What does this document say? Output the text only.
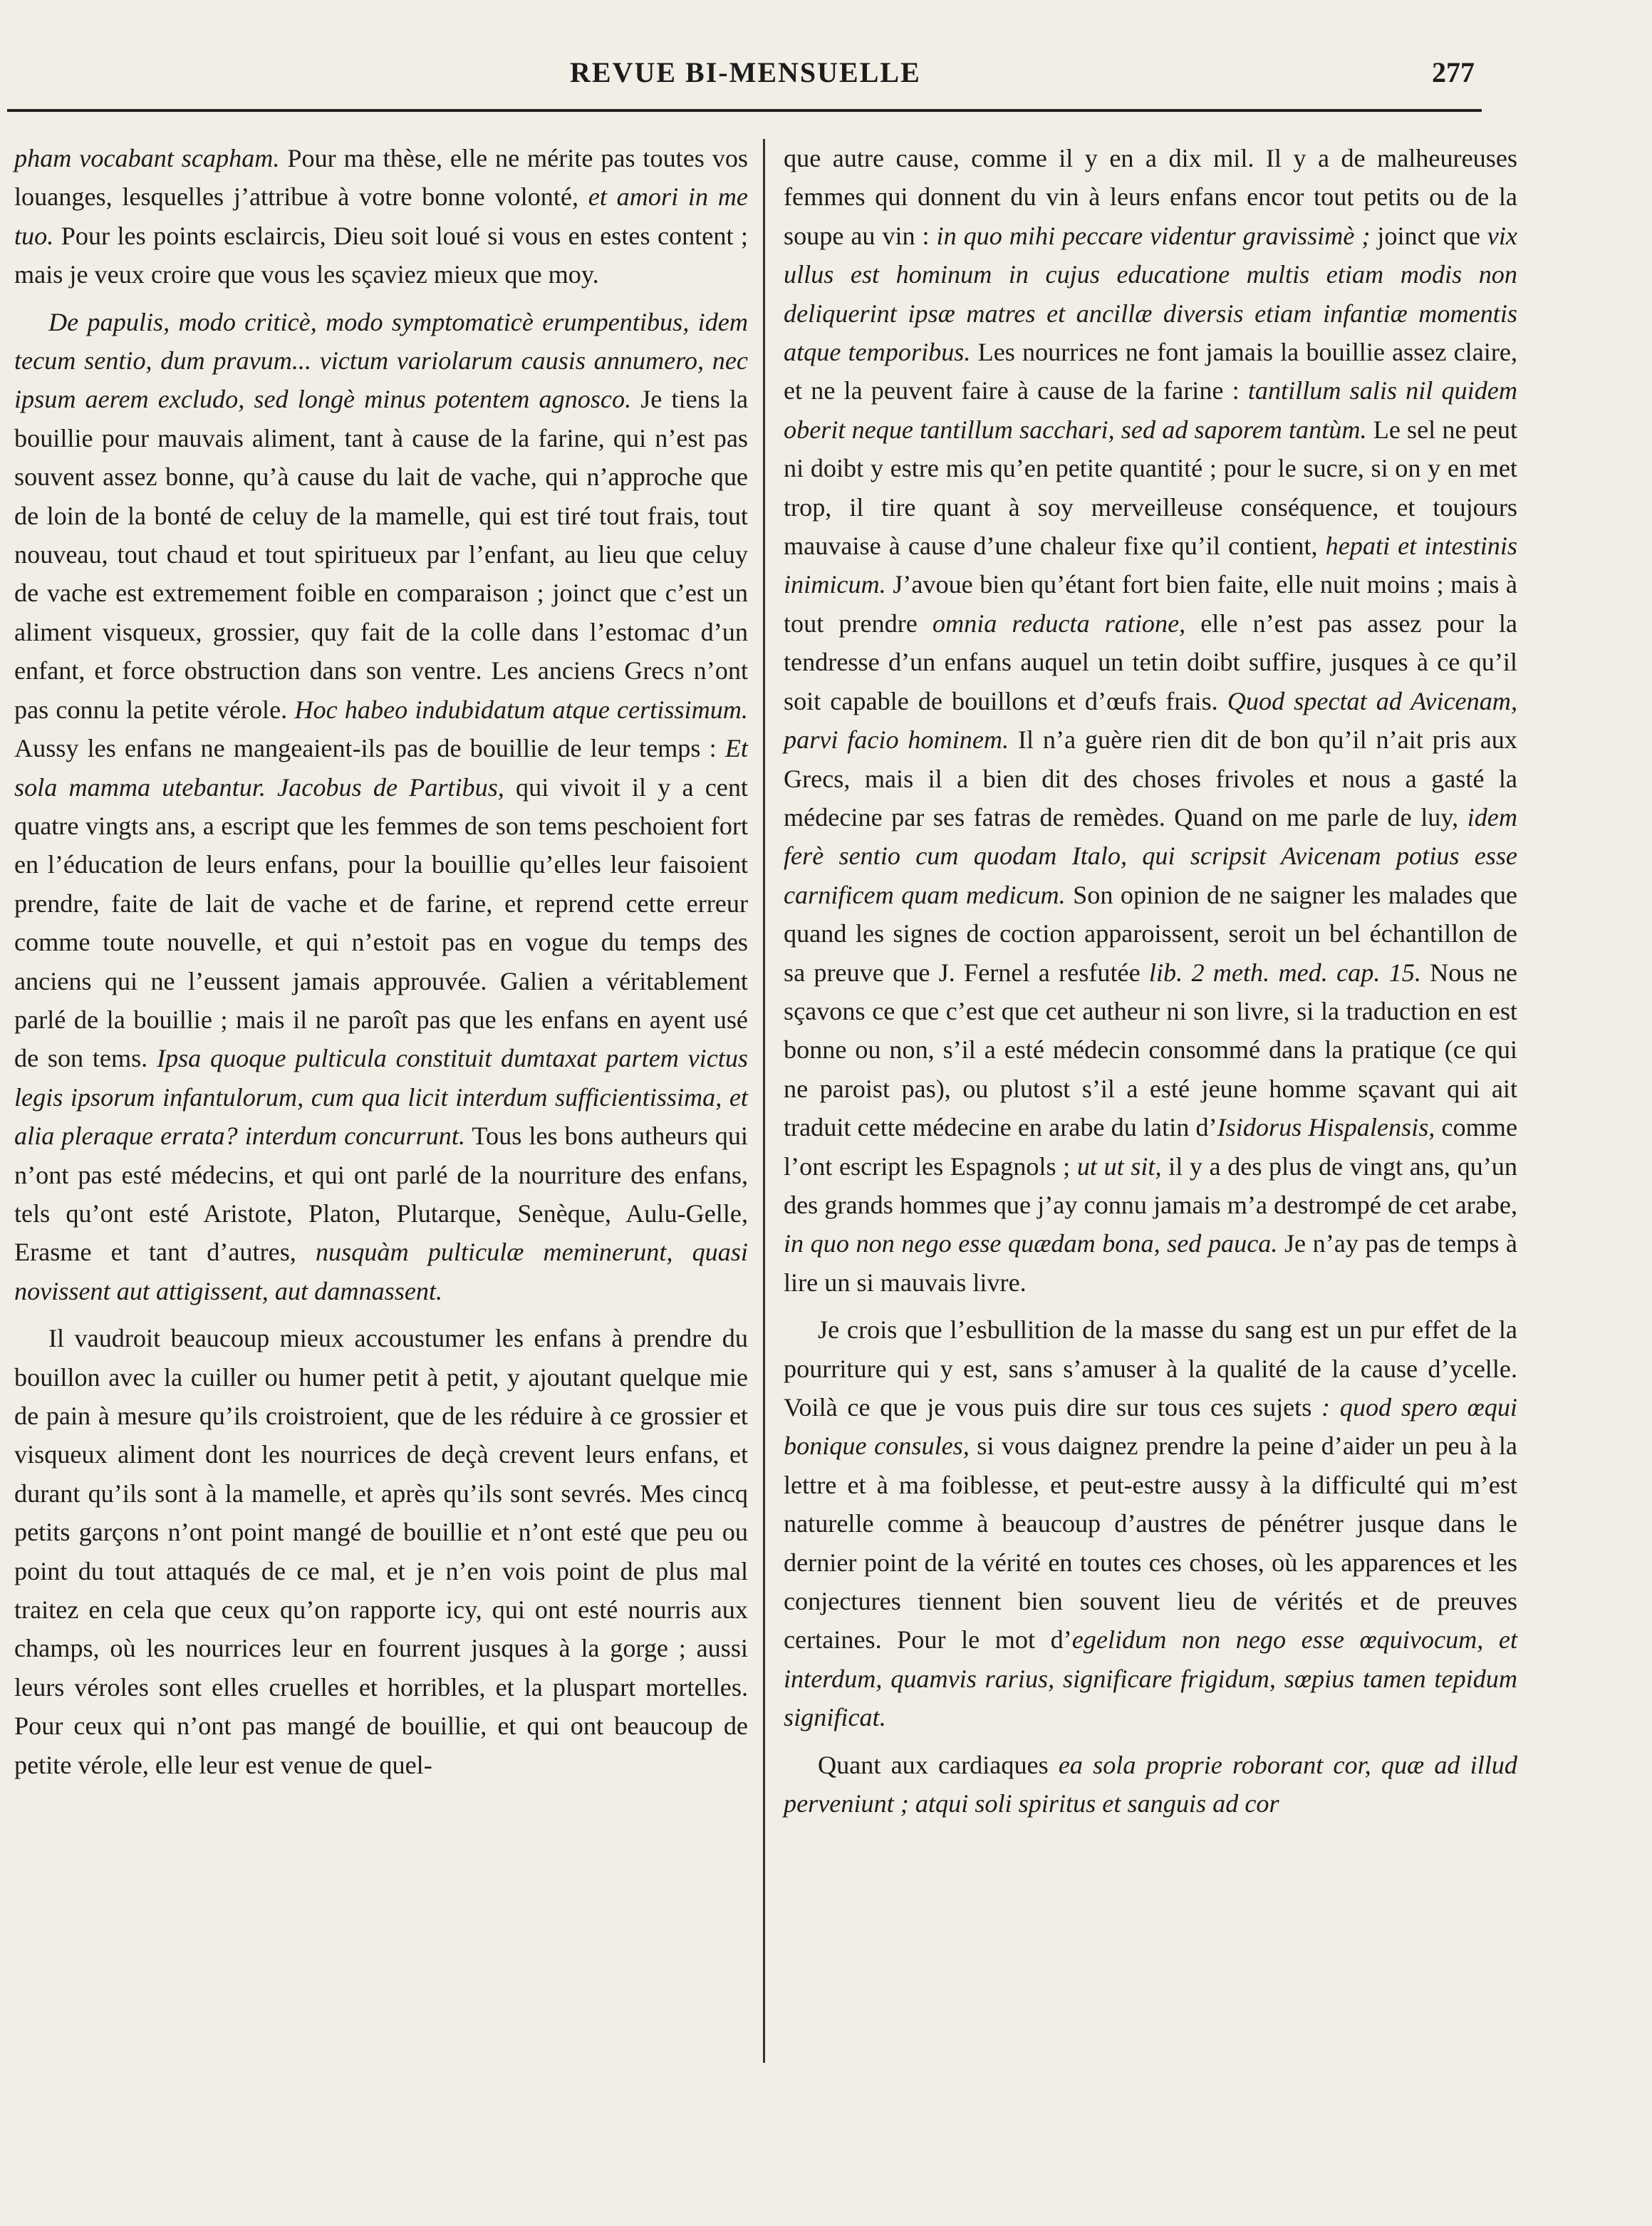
REVUE BI-MENSUELLE	277

pham vocabant scapham. Pour ma thèse, elle ne mérite pas toutes vos louanges, lesquelles j’attribue à votre bonne volonté, et amori in me tuo. Pour les points esclaircis, Dieu soit loué si vous en estes content ; mais je veux croire que vous les sçaviez mieux que moy.

De papulis, modo criticè, modo symptomaticè erumpentibus, idem tecum sentio, dum pravum... victum variolarum causis annumero, nec ipsum aerem excludo, sed longè minus potentem agnosco. Je tiens la bouillie pour mauvais aliment, tant à cause de la farine, qui n’est pas souvent assez bonne, qu’à cause du lait de vache, qui n’approche que de loin de la bonté de celuy de la mamelle, qui est tiré tout frais, tout nouveau, tout chaud et tout spiritueux par l’enfant, au lieu que celuy de vache est extremement foible en comparaison ; joinct que c’est un aliment visqueux, grossier, quy fait de la colle dans l’estomac d’un enfant, et force obstruction dans son ventre. Les anciens Grecs n’ont pas connu la petite vérole. Hoc habeo indubidatum atque certissimum. Aussy les enfans ne mangeaient-ils pas de bouillie de leur temps : Et sola mamma utebantur. Jacobus de Partibus, qui vivoit il y a cent quatre vingts ans, a escript que les femmes de son tems peschoient fort en l’éducation de leurs enfans, pour la bouillie qu’elles leur faisoient prendre, faite de lait de vache et de farine, et reprend cette erreur comme toute nouvelle, et qui n’estoit pas en vogue du temps des anciens qui ne l’eussent jamais approuvée. Galien a véritablement parlé de la bouillie ; mais il ne paroît pas que les enfans en ayent usé de son tems. Ipsa quoque pulticula constituit dumtaxat partem victus legis ipsorum infantulorum, cum qua licit interdum sufficientissima, et alia pleraque errata? interdum concurrunt. Tous les bons autheurs qui n’ont pas esté médecins, et qui ont parlé de la nourriture des enfans, tels qu’ont esté Aristote, Platon, Plutarque, Senèque, Aulu-Gelle, Erasme et tant d’autres, nusquàm pulticulæ meminerunt, quasi novissent aut attigissent, aut damnassent.

Il vaudroit beaucoup mieux accoustumer les enfans à prendre du bouillon avec la cuiller ou humer petit à petit, y ajoutant quelque mie de pain à mesure qu’ils croistroient, que de les réduire à ce grossier et visqueux aliment dont les nourrices de deçà crevent leurs enfans, et durant qu’ils sont à la mamelle, et après qu’ils sont sevrés. Mes cincq petits garçons n’ont point mangé de bouillie et n’ont esté que peu ou point du tout attaqués de ce mal, et je n’en vois point de plus mal traitez en cela que ceux qu’on rapporte icy, qui ont esté nourris aux champs, où les nourrices leur en fourrent jusques à la gorge ; aussi leurs véroles sont elles cruelles et horribles, et la pluspart mortelles. Pour ceux qui n’ont pas mangé de bouillie, et qui ont beaucoup de petite vérole, elle leur est venue de quel-

que autre cause, comme il y en a dix mil. Il y a de malheureuses femmes qui donnent du vin à leurs enfans encor tout petits ou de la soupe au vin : in quo mihi peccare videntur gravissimè ; joinct que vix ullus est hominum in cujus educatione multis etiam modis non deliquerint ipsæ matres et ancillæ diversis etiam infantiæ momentis atque temporibus. Les nourrices ne font jamais la bouillie assez claire, et ne la peuvent faire à cause de la farine : tantillum salis nil quidem oberit neque tantillum sacchari, sed ad saporem tantùm. Le sel ne peut ni doibt y estre mis qu’en petite quantité ; pour le sucre, si on y en met trop, il tire quant à soy merveilleuse conséquence, et toujours mauvaise à cause d’une chaleur fixe qu’il contient, hepati et intestinis inimicum. J’avoue bien qu’étant fort bien faite, elle nuit moins ; mais à tout prendre omnia reducta ratione, elle n’est pas assez pour la tendresse d’un enfans auquel un tetin doibt suffire, jusques à ce qu’il soit capable de bouillons et d’œufs frais. Quod spectat ad Avicenam, parvi facio hominem. Il n’a guère rien dit de bon qu’il n’ait pris aux Grecs, mais il a bien dit des choses frivoles et nous a gasté la médecine par ses fatras de remèdes. Quand on me parle de luy, idem ferè sentio cum quodam Italo, qui scripsit Avicenam potius esse carnificem quam medicum. Son opinion de ne saigner les malades que quand les signes de coction apparoissent, seroit un bel échantillon de sa preuve que J. Fernel a resfutée lib. 2 meth. med. cap. 15. Nous ne sçavons ce que c’est que cet autheur ni son livre, si la traduction en est bonne ou non, s’il a esté médecin consommé dans la pratique (ce qui ne paroist pas), ou plutost s’il a esté jeune homme sçavant qui ait traduit cette médecine en arabe du latin d’Isidorus Hispalensis, comme l’ont escript les Espagnols ; ut ut sit, il y a des plus de vingt ans, qu’un des grands hommes que j’ay connu jamais m’a destrompé de cet arabe, in quo non nego esse quædam bona, sed pauca. Je n’ay pas de temps à lire un si mauvais livre.

Je crois que l’esbullition de la masse du sang est un pur effet de la pourriture qui y est, sans s’amuser à la qualité de la cause d’ycelle. Voilà ce que je vous puis dire sur tous ces sujets : quod spero œqui bonique consules, si vous daignez prendre la peine d’aider un peu à la lettre et à ma foiblesse, et peut-estre aussy à la difficulté qui m’est naturelle comme à beaucoup d’austres de pénétrer jusque dans le dernier point de la vérité en toutes ces choses, où les apparences et les conjectures tiennent bien souvent lieu de vérités et de preuves certaines. Pour le mot d’egelidum non nego esse œquivocum, et interdum, quamvis rarius, significare frigidum, sœpius tamen tepidum significat.

Quant aux cardiaques ea sola proprie roborant cor, quæ ad illud perveniunt ; atqui soli spiritus et sanguis ad cor
